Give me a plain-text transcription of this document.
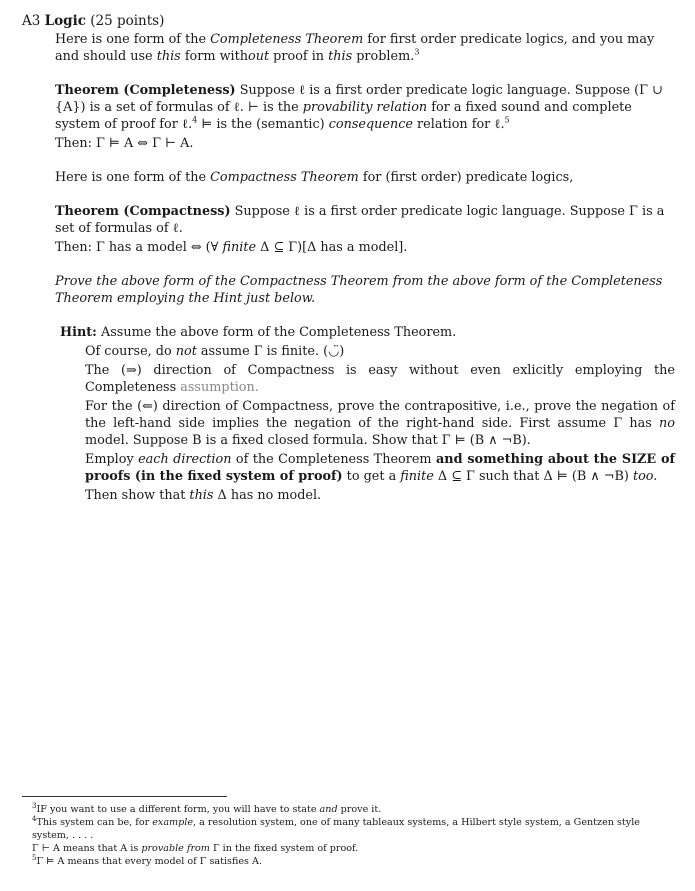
A3 Logic (25 points)

Here is one form of the Completeness Theorem for first order predicate logics, and you may and should use this form without proof in this problem.$^3$

Theorem (Completeness) Suppose ℓ is a first order predicate logic language. Suppose (Γ ∪ {A}) is a set of formulas of ℓ. ⊢ is the provability relation for a fixed sound and complete system of proof for ℓ.$^4$ ⊨ is the (semantic) consequence relation for ℓ.$^5$

Then: Γ ⊨ A ⇔ Γ ⊢ A.

Here is one form of the Compactness Theorem for (first order) predicate logics,

Theorem (Compactness) Suppose ℓ is a first order predicate logic language. Suppose Γ is a set of formulas of ℓ.

Then: Γ has a model ⇔ (∀ finite Δ ⊆ Γ)[Δ has a model].

Prove the above form of the Compactness Theorem from the above form of the Completeness Theorem employing the Hint just below.

Hint: Assume the above form of the Completeness Theorem.

Of course, do not assume Γ is finite. (◡̈)

The (⇒) direction of Compactness is easy without even exlicitly employing the Completeness assumption.

For the (⇐) direction of Compactness, prove the contrapositive, i.e., prove the negation of the left-hand side implies the negation of the right-hand side. First assume Γ has no model. Suppose B is a fixed closed formula. Show that Γ ⊨ (B ∧ ¬B).

Employ each direction of the Completeness Theorem and something about the SIZE of proofs (in the fixed system of proof) to get a finite Δ ⊆ Γ such that Δ ⊨ (B ∧ ¬B) too.

Then show that this Δ has no model.

$^3$IF you want to use a different form, you will have to state and prove it.

$^4$This system can be, for example, a resolution system, one of many tableaux systems, a Hilbert style system, a Gentzen style system, . . . .

Γ ⊢ A means that A is provable from Γ in the fixed system of proof.

$^5$Γ ⊨ A means that every model of Γ satisfies A.
